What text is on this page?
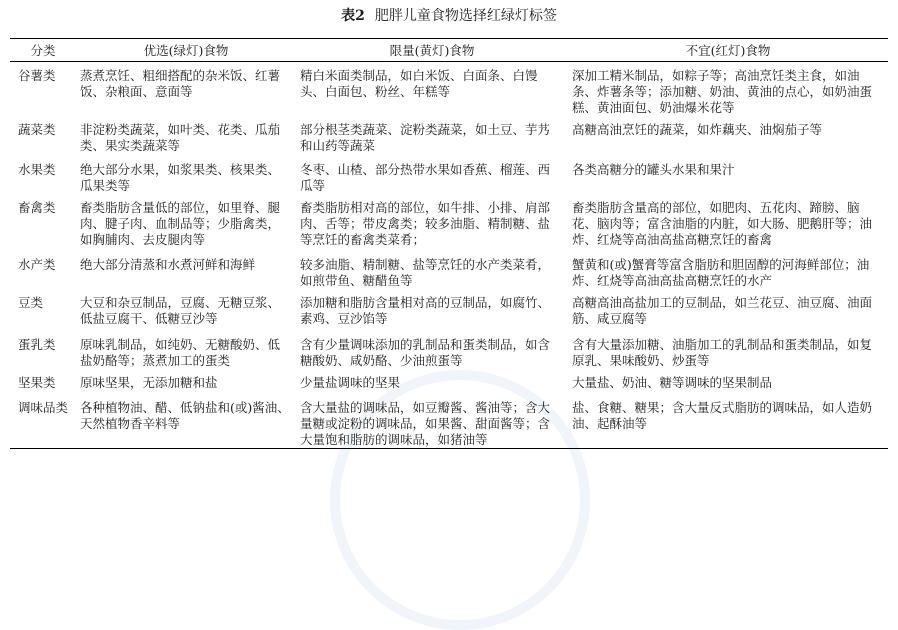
表2 肥胖儿童食物选择红绿灯标签
分类	优选(绿灯)食物	限量(黄灯)食物	不宜(红灯)食物
谷薯类	蒸煮烹饪、粗细搭配的杂米饭、红薯饭、杂粮面、意面等	精白米面类制品，如白米饭、白面条、白馒头、白面包、粉丝、年糕等	深加工精米制品，如粽子等；高油烹饪类主食，如油条、炸薯条等；添加糖、奶油、黄油的点心，如奶油蛋糕、黄油面包、奶油爆米花等
蔬菜类	非淀粉类蔬菜，如叶类、花类、瓜茄类、果实类蔬菜等	部分根茎类蔬菜、淀粉类蔬菜，如土豆、芋艿和山药等蔬菜	高糖高油烹饪的蔬菜，如炸藕夹、油焖茄子等
水果类	绝大部分水果，如浆果类、核果类、瓜果类等	冬枣、山楂、部分热带水果如香蕉、榴莲、西瓜等	各类高糖分的罐头水果和果汁
畜禽类	畜类脂肪含量低的部位，如里脊、腿肉、腱子肉、血制品等；少脂禽类，如胸脯肉、去皮腿肉等	畜类脂肪相对高的部位，如牛排、小排、肩部肉、舌等；带皮禽类；较多油脂、精制糖、盐等烹饪的畜禽类菜肴；	畜类脂肪含量高的部位，如肥肉、五花肉、蹄膀、脑花、脑肉等；富含油脂的内脏，如大肠、肥鹅肝等；油炸、红烧等高油高盐高糖烹饪的畜禽
水产类	绝大部分清蒸和水煮河鲜和海鲜	较多油脂、精制糖、盐等烹饪的水产类菜肴，如煎带鱼、糖醋鱼等	蟹黄和(或)蟹膏等富含脂肪和胆固醇的河海鲜部位；油炸、红烧等高油高盐高糖烹饪的水产
豆类	大豆和杂豆制品，豆腐、无糖豆浆、低盐豆腐干、低糖豆沙等	添加糖和脂肪含量相对高的豆制品，如腐竹、素鸡、豆沙馅等	高糖高油高盐加工的豆制品，如兰花豆、油豆腐、油面筋、咸豆腐等
蛋乳类	原味乳制品，如纯奶、无糖酸奶、低盐奶酪等；蒸煮加工的蛋类	含有少量调味添加的乳制品和蛋类制品，如含糖酸奶、咸奶酪、少油煎蛋等	含有大量添加糖、油脂加工的乳制品和蛋类制品，如复原乳、果味酸奶、炒蛋等
坚果类	原味坚果，无添加糖和盐	少量盐调味的坚果	大量盐、奶油、糖等调味的坚果制品
调味品类	各种植物油、醋、低钠盐和(或)酱油、天然植物香辛料等	含大量盐的调味品，如豆瓣酱、酱油等；含大量糖或淀粉的调味品，如果酱、甜面酱等；含大量饱和脂肪的调味品，如猪油等	盐、食糖、糖果；含大量反式脂肪的调味品，如人造奶油、起酥油等
